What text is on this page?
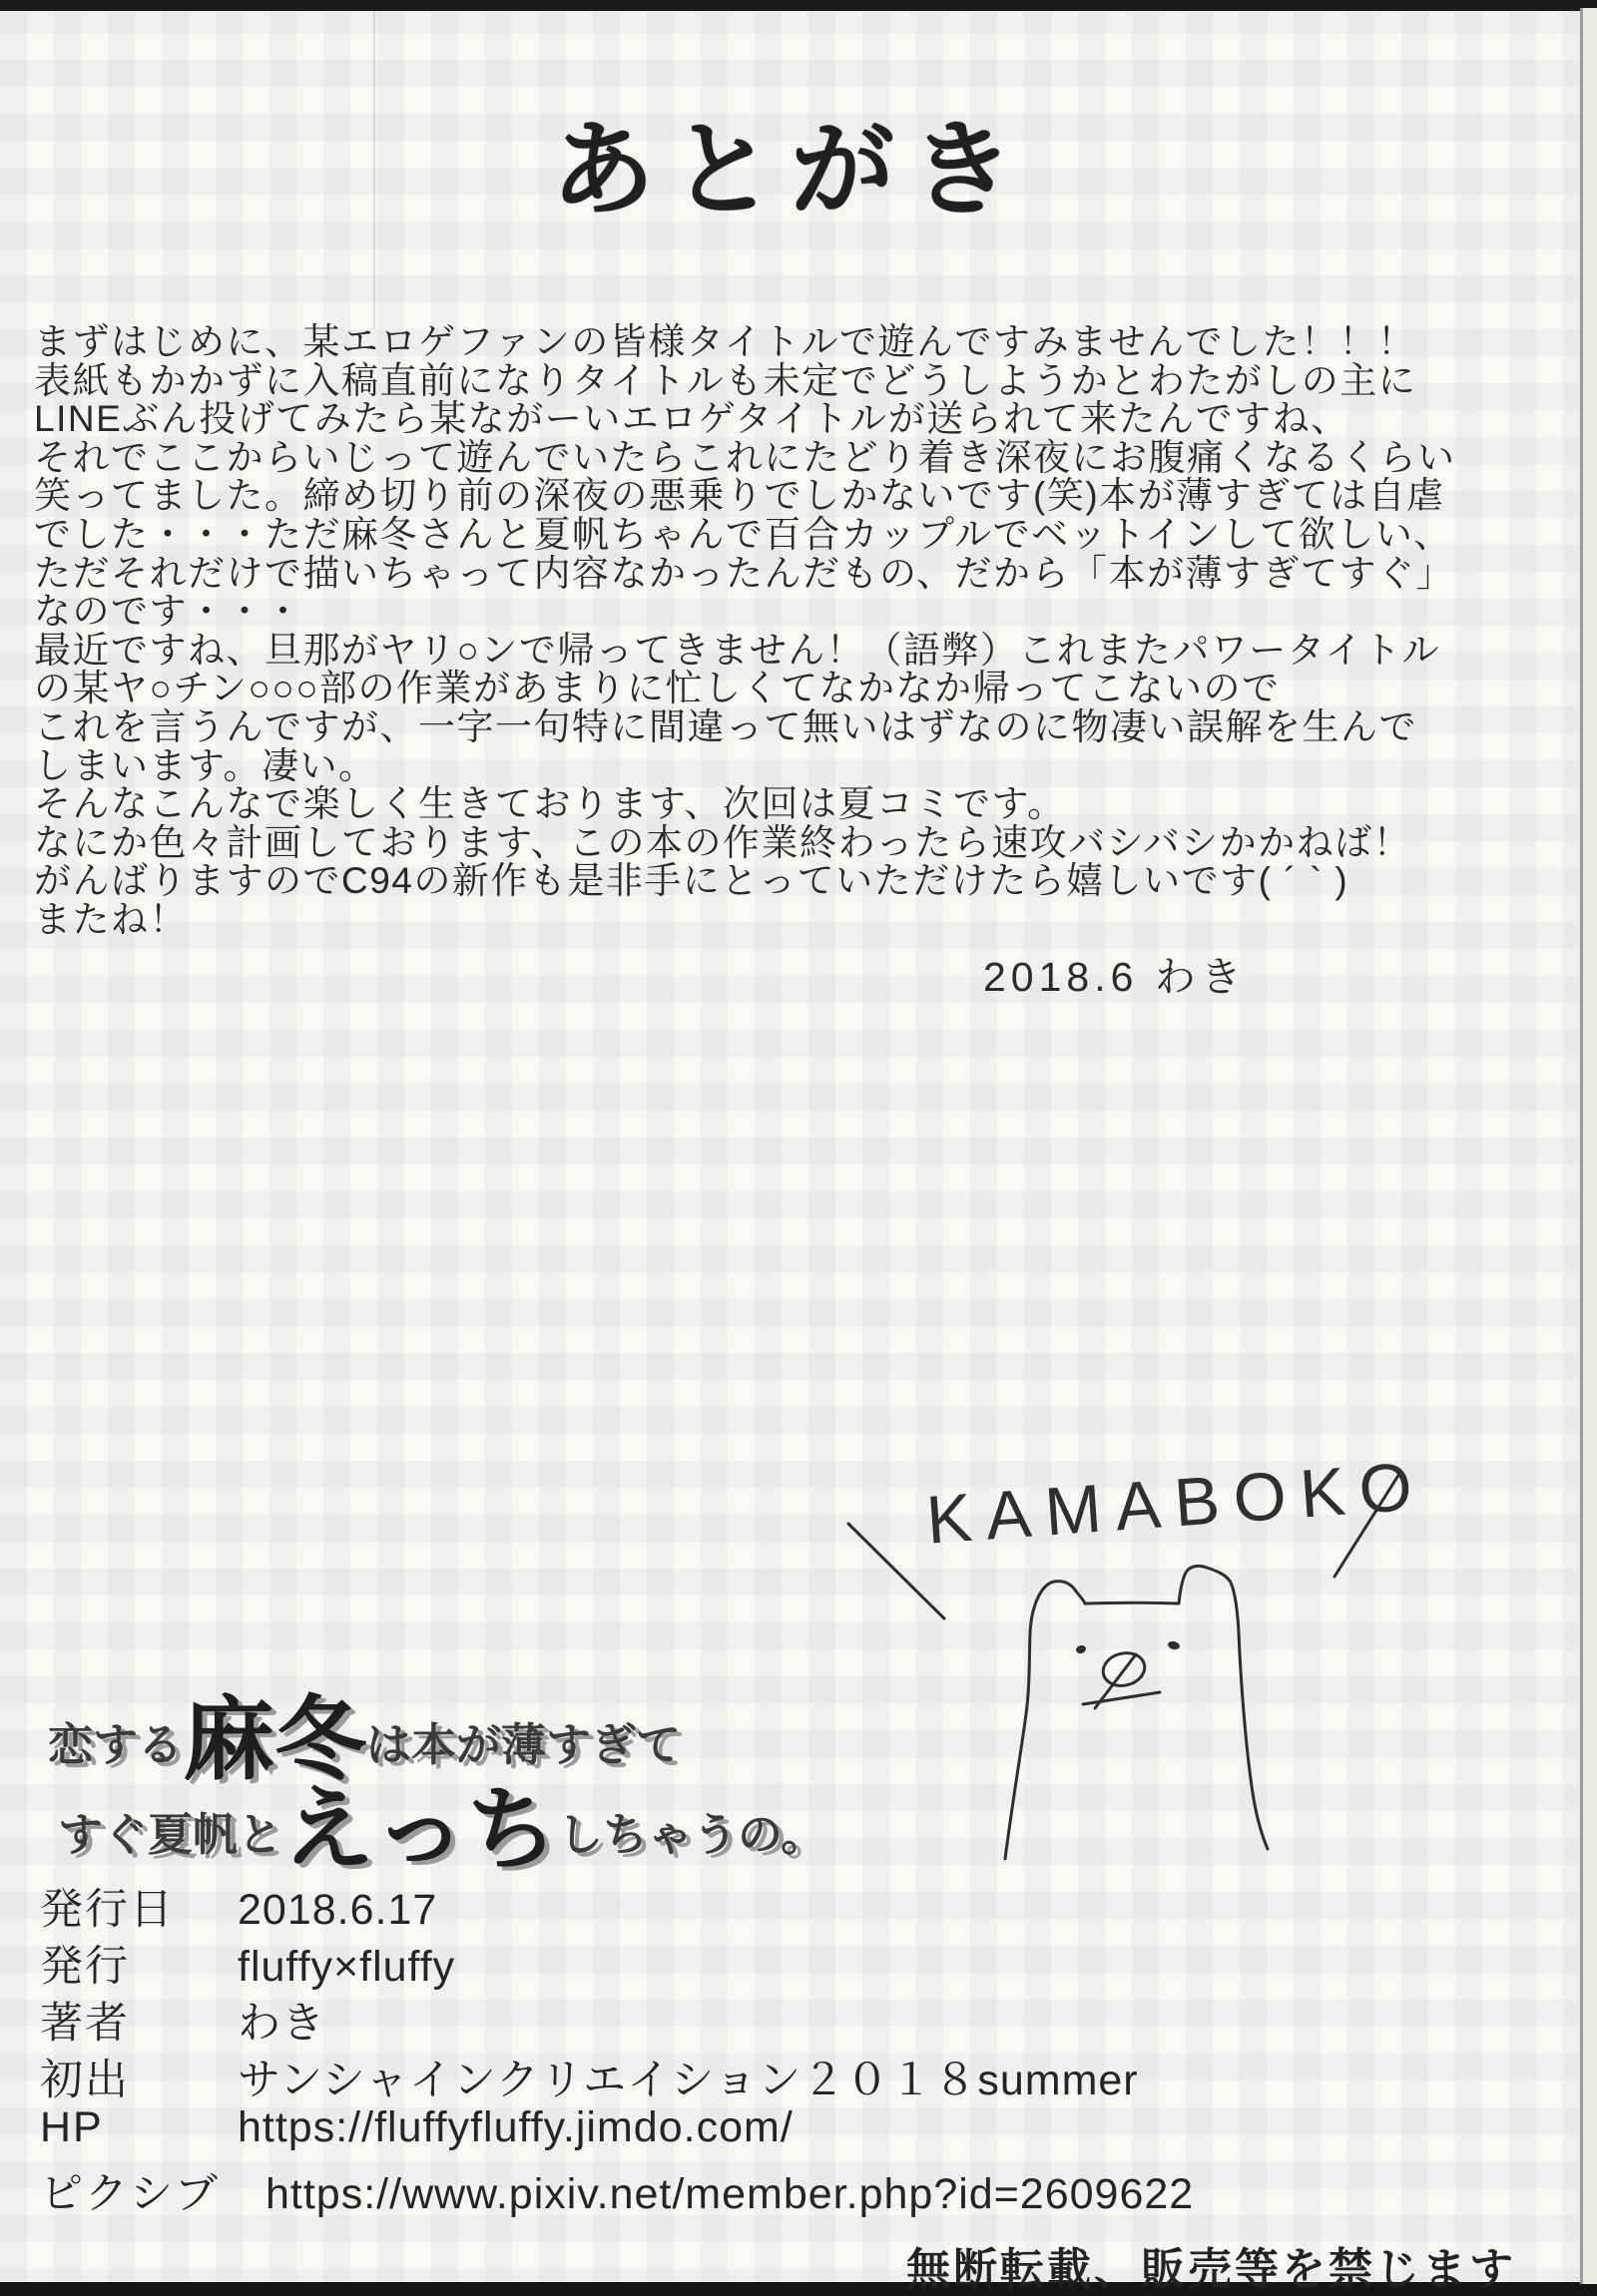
あとがき
まずはじめに、某エロゲファンの皆様タイトルで遊んですみませんでした！！！
表紙もかかずに入稿直前になりタイトルも未定でどうしようかとわたがしの主に
LINEぶん投げてみたら某ながーいエロゲタイトルが送られて来たんですね、
それでここからいじって遊んでいたらこれにたどり着き深夜にお腹痛くなるくらい
笑ってました。締め切り前の深夜の悪乗りでしかないです(笑)本が薄すぎては自虐
でした・・・ただ麻冬さんと夏帆ちゃんで百合カップルでベットインして欲しい、
ただそれだけで描いちゃって内容なかったんだもの、だから「本が薄すぎてすぐ」
なのです・・・
最近ですね、旦那がヤリ○ンで帰ってきません！（語弊）これまたパワータイトル
の某ヤ○チン○○○部の作業があまりに忙しくてなかなか帰ってこないので
これを言うんですが、一字一句特に間違って無いはずなのに物凄い誤解を生んで
しまいます。凄い。
そんなこんなで楽しく生きております、次回は夏コミです。
なにか色々計画しております、この本の作業終わったら速攻バシバシかかねば！
がんばりますのでC94の新作も是非手にとっていただけたら嬉しいです( ´ ` )
またね！
2018.6 わき
KAMABOKO
恋する 麻冬 は本が薄すぎて
すぐ夏帆と えっち しちゃうの。
発行日	2018.6.17
発行	fluffy×fluffy
著者	わき
初出	サンシャインクリエイション２０１８summer
HP	https://fluffyfluffy.jimdo.com/
ピクシブ https://www.pixiv.net/member.php?id=2609622
無断転載、販売等を禁じます
